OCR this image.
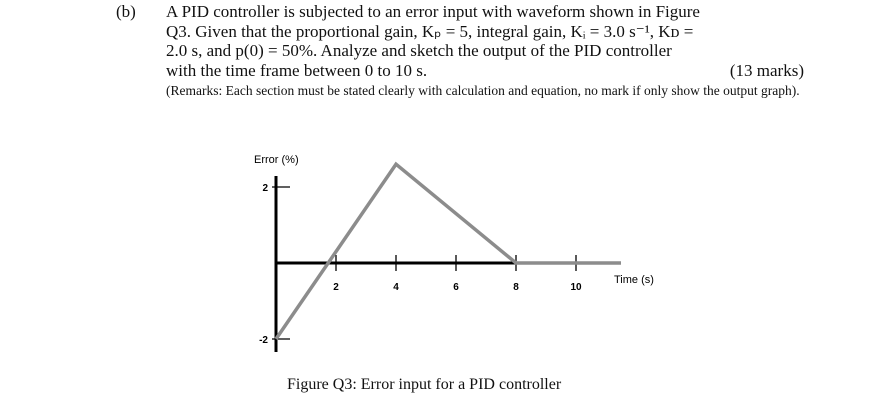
(b) A PID controller is subjected to an error input with waveform shown in Figure
Q3. Given that the proportional gain, Kₚ = 5, integral gain, Kᵢ = 3.0 s⁻¹, Kᴅ =
2.0 s, and p(0) = 50%. Analyze and sketch the output of the PID controller
with the time frame between 0 to 10 s.	(13 marks)
(Remarks: Each section must be stated clearly with calculation and equation, no mark if only show the output graph).
2	4	6	8	10
2
-2
Error (%)
Time (s)
Figure Q3: Error input for a PID controller
